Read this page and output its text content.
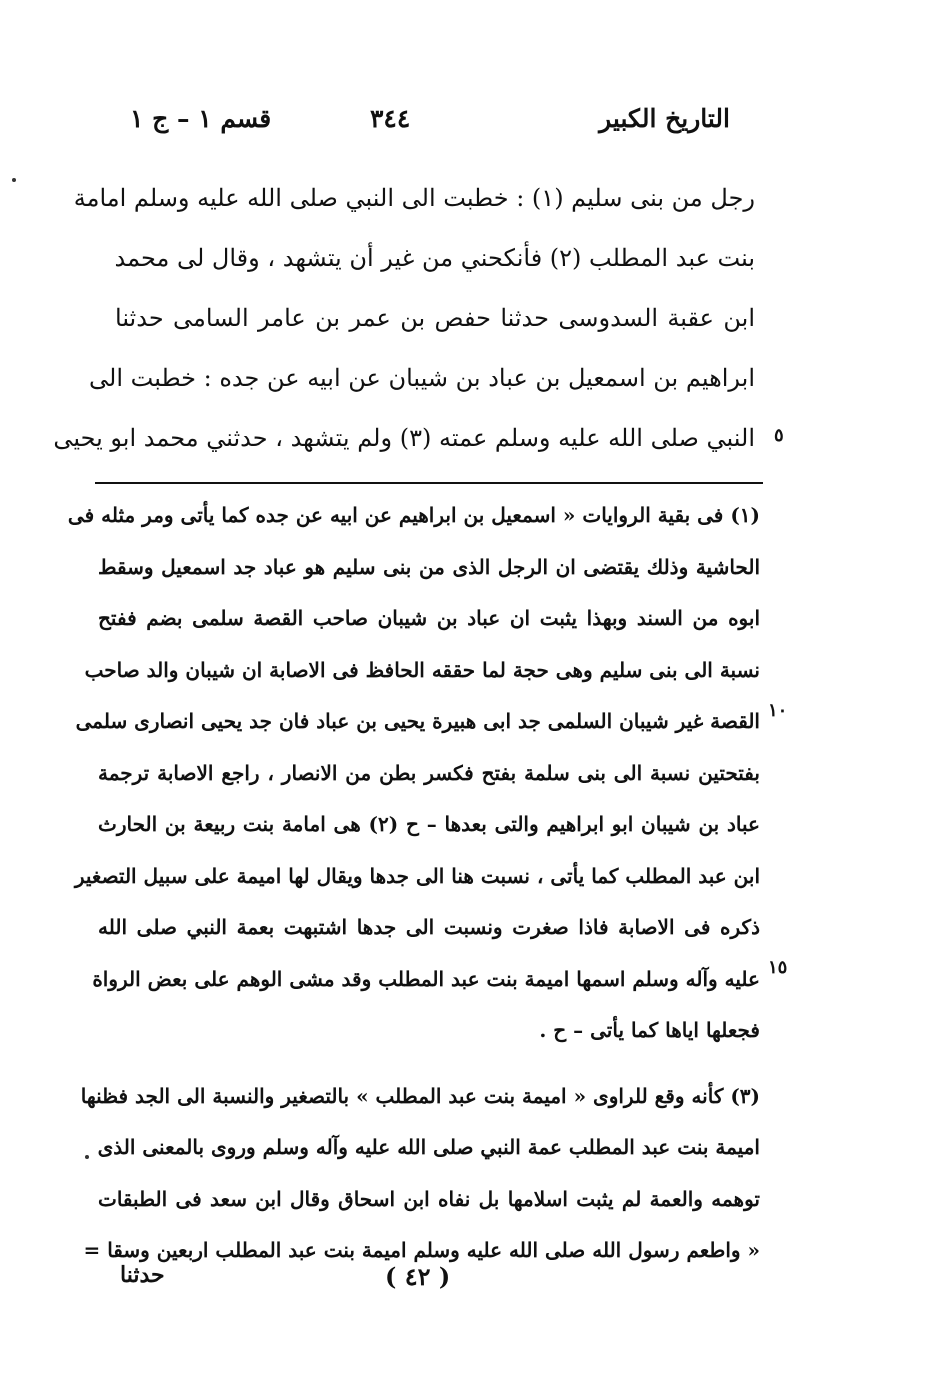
التاريخ الكبير
٣٤٤
قسم ١ – ج ١
رجل من بنى سليم (١) : خطبت الى النبي صلى الله عليه وسلم امامة
بنت عبد المطلب (٢) فأنكحني من غير أن يتشهد ، وقال لى محمد
ابن عقبة السدوسى حدثنا حفص بن عمر بن عامر السامى حدثنا
ابراهيم بن اسمعيل بن عباد بن شيبان عن ابيه عن جده : خطبت الى
النبي صلى الله عليه وسلم عمته (٣) ولم يتشهد ، حدثني محمد ابو يحيى ٥
(١) فى بقية الروايات « اسمعيل بن ابراهيم عن ابيه عن جده كما يأتى ومر مثله فى
الحاشية وذلك يقتضى ان الرجل الذى من بنى سليم هو عباد جد اسمعيل وسقط
ابوه من السند وبهذا يثبت ان عباد بن شيبان صاحب القصة سلمى بضم ففتح
نسبة الى بنى سليم وهى حجة لما حققه الحافظ فى الاصابة ان شيبان والد صاحب
القصة غير شيبان السلمى جد ابى هبيرة يحيى بن عباد فان جد يحيى انصارى سلمى
بفتحتين نسبة الى بنى سلمة بفتح فكسر بطن من الانصار ، راجع الاصابة ترجمة
عباد بن شيبان ابو ابراهيم والتى بعدها – ح (٢) هى امامة بنت ربيعة بن الحارث
ابن عبد المطلب كما يأتى ، نسبت هنا الى جدها ويقال لها اميمة على سبيل التصغير
ذكره فى الاصابة فاذا صغرت ونسبت الى جدها اشتبهت بعمة النبي صلى الله
عليه وآله وسلم اسمها اميمة بنت عبد المطلب وقد مشى الوهم على بعض الرواة
فجعلها اياها كما يأتى – ح .
(٣) كأنه وقع للراوى « اميمة بنت عبد المطلب » بالتصغير والنسبة الى الجد فظنها
اميمة بنت عبد المطلب عمة النبي صلى الله عليه وآله وسلم وروى بالمعنى الذى
توهمه والعمة لم يثبت اسلامها بل نفاه ابن اسحاق وقال ابن سعد فى الطبقات
« واطعم رسول الله صلى الله عليه وسلم اميمة بنت عبد المطلب اربعين وسقا =
١٠
١٥
( ٤٢ )
حدثنا
